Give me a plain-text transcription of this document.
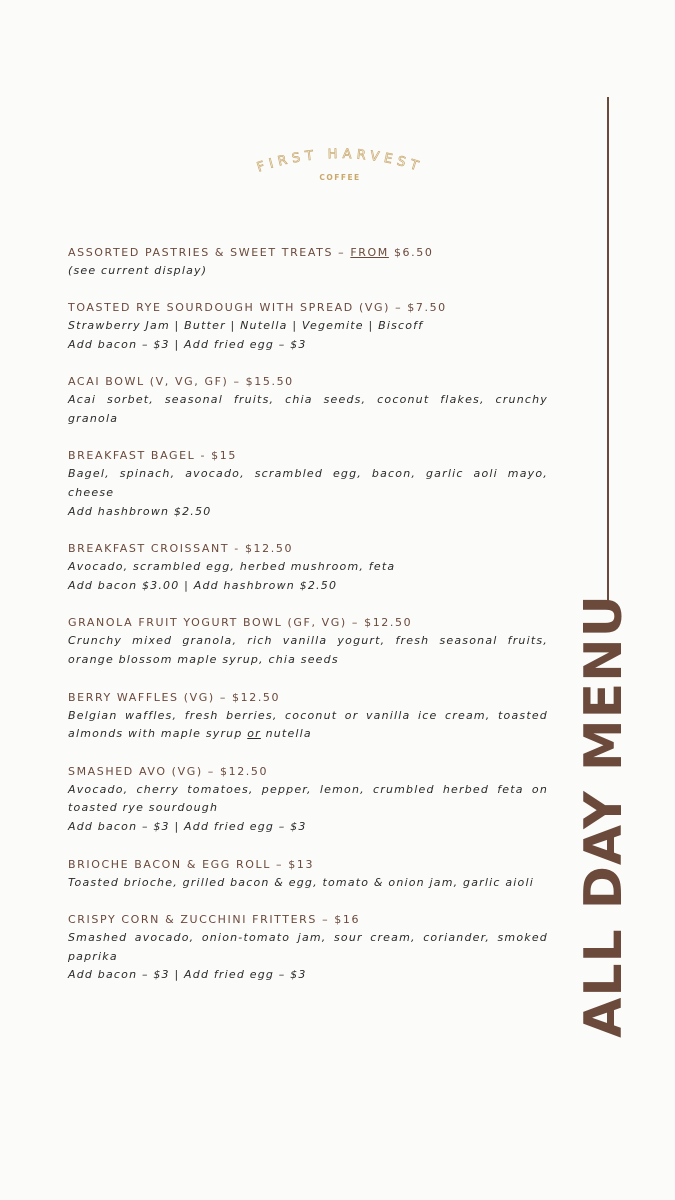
FIRST HARVEST
COFFEE
ALL DAY MENU
ASSORTED PASTRIES & SWEET TREATS – FROM $6.50
(see current display)
TOASTED RYE SOURDOUGH WITH SPREAD (VG) – $7.50
Strawberry Jam | Butter | Nutella | Vegemite | Biscoff
Add bacon – $3 | Add fried egg – $3
ACAI BOWL (V, VG, GF) – $15.50
Acai sorbet, seasonal fruits, chia seeds, coconut flakes, crunchy granola
BREAKFAST BAGEL - $15
Bagel, spinach, avocado, scrambled egg, bacon, garlic aoli mayo, cheese
Add hashbrown $2.50
BREAKFAST CROISSANT - $12.50
Avocado, scrambled egg, herbed mushroom, feta
Add bacon $3.00 | Add hashbrown $2.50
GRANOLA FRUIT YOGURT BOWL (GF, VG) – $12.50
Crunchy mixed granola, rich vanilla yogurt, fresh seasonal fruits, orange blossom maple syrup, chia seeds
BERRY WAFFLES (VG) – $12.50
Belgian waffles, fresh berries, coconut or vanilla ice cream, toasted almonds with maple syrup or nutella
SMASHED AVO (VG) – $12.50
Avocado, cherry tomatoes, pepper, lemon, crumbled herbed feta on toasted rye sourdough
Add bacon – $3 | Add fried egg – $3
BRIOCHE BACON & EGG ROLL – $13
Toasted brioche, grilled bacon & egg, tomato & onion jam, garlic aioli
CRISPY CORN & ZUCCHINI FRITTERS – $16
Smashed avocado, onion-tomato jam, sour cream, coriander, smoked paprika
Add bacon – $3 | Add fried egg – $3
